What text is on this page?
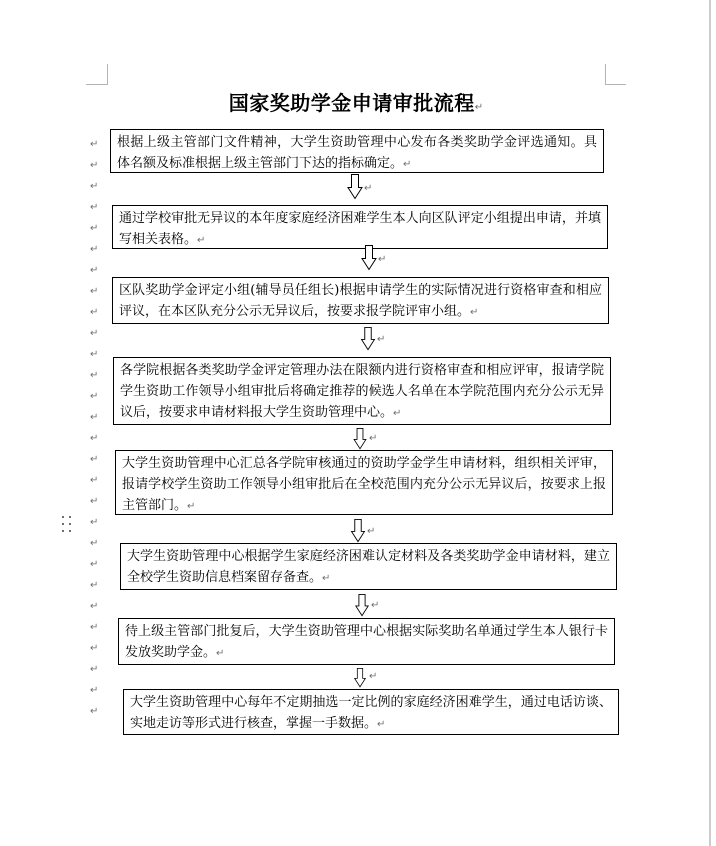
国家奖助学金申请审批流程↵
根据上级主管部门文件精神，大学生资助管理中心发布各类奖助学金评选通知。具体名额及标准根据上级主管部门下达的指标确定。↵
通过学校审批无异议的本年度家庭经济困难学生本人向区队评定小组提出申请，并填写相关表格。↵
区队奖助学金评定小组(辅导员任组长)根据申请学生的实际情况进行资格审查和相应评议，在本区队充分公示无异议后，按要求报学院评审小组。↵
各学院根据各类奖助学金评定管理办法在限额内进行资格审查和相应评审，报请学院学生资助工作领导小组审批后将确定推荐的候选人名单在本学院范围内充分公示无异议后，按要求申请材料报大学生资助管理中心。↵
大学生资助管理中心汇总各学院审核通过的资助学金学生申请材料，组织相关评审，报请学校学生资助工作领导小组审批后在全校范围内充分公示无异议后，按要求上报主管部门。↵
大学生资助管理中心根据学生家庭经济困难认定材料及各类奖助学金申请材料，建立全校学生资助信息档案留存备查。↵
待上级主管部门批复后，大学生资助管理中心根据实际奖助名单通过学生本人银行卡发放奖助学金。↵
大学生资助管理中心每年不定期抽选一定比例的家庭经济困难学生，通过电话访谈、实地走访等形式进行核查，掌握一手数据。↵
↵
↵
↵
↵
↵
↵
↵
↵
↵
↵
↵
↵
↵
↵
↵
↵
↵
↵
↵
↵
↵
↵
↵
↵
↵
↵
↵
↵
↵
↵
↵
↵
↵
↵
↵
